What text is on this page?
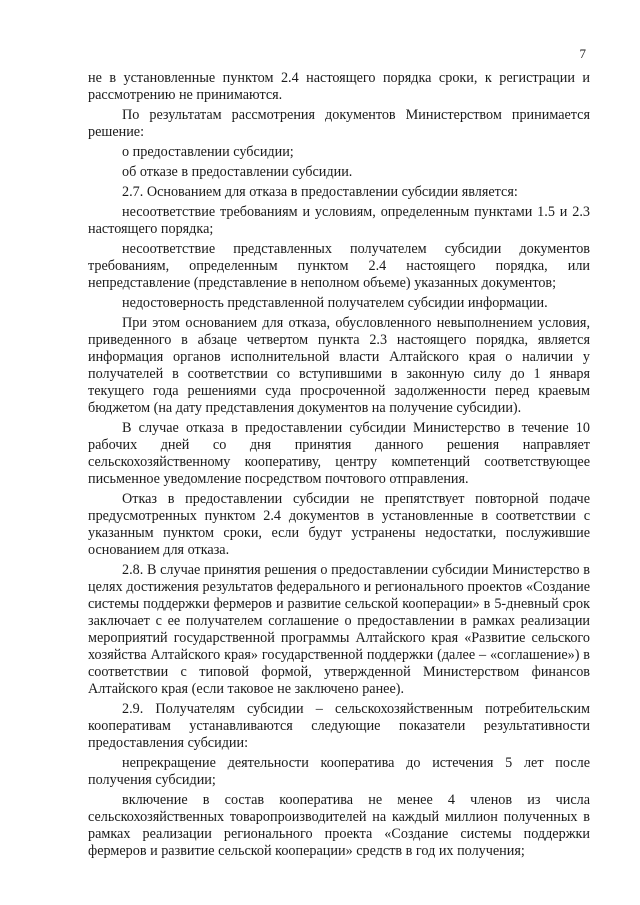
7

не в установленные пунктом 2.4 настоящего порядка сроки, к регистрации и рассмотрению не принимаются.

По результатам рассмотрения документов Министерством принимается решение:

о предоставлении субсидии;

об отказе в предоставлении субсидии.

2.7. Основанием для отказа в предоставлении субсидии является:

несоответствие требованиям и условиям, определенным пунктами 1.5 и 2.3 настоящего порядка;

несоответствие представленных получателем субсидии документов требованиям, определенным пунктом 2.4 настоящего порядка, или непредставление (представление в неполном объеме) указанных документов;

недостоверность представленной получателем субсидии информации.

При этом основанием для отказа, обусловленного невыполнением условия, приведенного в абзаце четвертом пункта 2.3 настоящего порядка, является информация органов исполнительной власти Алтайского края о наличии у получателей в соответствии со вступившими в законную силу до 1 января текущего года решениями суда просроченной задолженности перед краевым бюджетом (на дату представления документов на получение субсидии).

В случае отказа в предоставлении субсидии Министерство в течение 10 рабочих дней со дня принятия данного решения направляет сельскохозяйственному кооперативу, центру компетенций соответствующее письменное уведомление посредством почтового отправления.

Отказ в предоставлении субсидии не препятствует повторной подаче предусмотренных пунктом 2.4 документов в установленные в соответствии с указанным пунктом сроки, если будут устранены недостатки, послужившие основанием для отказа.

2.8. В случае принятия решения о предоставлении субсидии Министерство в целях достижения результатов федерального и регионального проектов «Создание системы поддержки фермеров и развитие сельской кооперации» в 5-дневный срок заключает с ее получателем соглашение о предоставлении в рамках реализации мероприятий государственной программы Алтайского края «Развитие сельского хозяйства Алтайского края» государственной поддержки (далее – «соглашение») в соответствии с типовой формой, утвержденной Министерством финансов Алтайского края (если таковое не заключено ранее).

2.9. Получателям субсидии – сельскохозяйственным потребительским кооперативам устанавливаются следующие показатели результативности предоставления субсидии:

непрекращение деятельности кооператива до истечения 5 лет после получения субсидии;

включение в состав кооператива не менее 4 членов из числа сельскохозяйственных товаропроизводителей на каждый миллион полученных в рамках реализации регионального проекта «Создание системы поддержки фермеров и развитие сельской кооперации» средств в год их получения;
